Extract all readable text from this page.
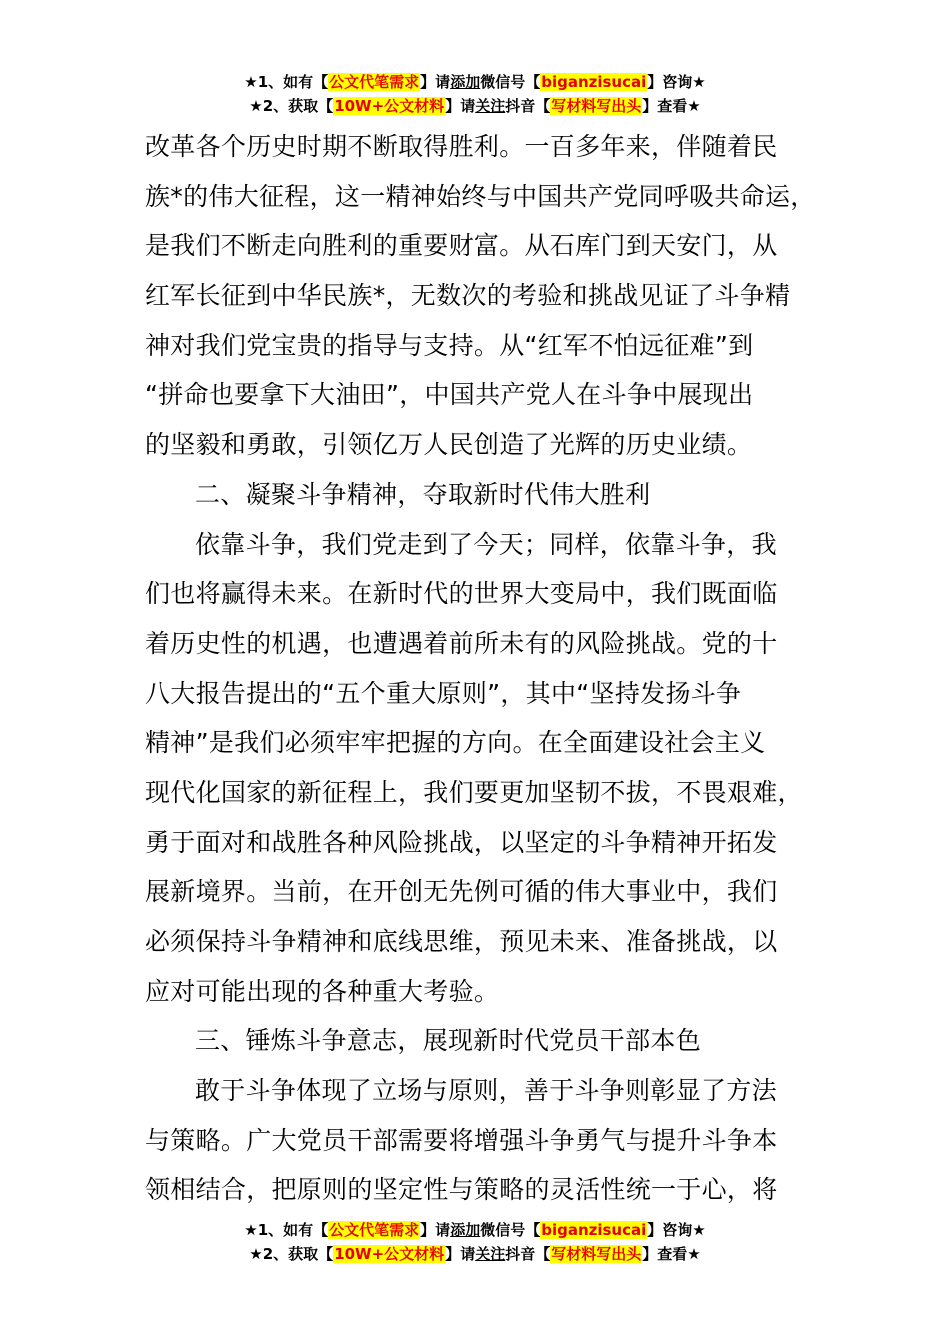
★1、如有【公文代笔需求】请添加微信号【biganzisucai】咨询★
★2、获取【10W+公文材料】请关注抖音【写材料写出头】查看★
改革各个历史时期不断取得胜利。一百多年来，伴随着民
族*的伟大征程，这一精神始终与中国共产党同呼吸共命运，
是我们不断走向胜利的重要财富。从石库门到天安门，从
红军长征到中华民族*，无数次的考验和挑战见证了斗争精
神对我们党宝贵的指导与支持。从“红军不怕远征难”到
“拼命也要拿下大油田”，中国共产党人在斗争中展现出
的坚毅和勇敢，引领亿万人民创造了光辉的历史业绩。
二、凝聚斗争精神，夺取新时代伟大胜利
依靠斗争，我们党走到了今天；同样，依靠斗争，我
们也将赢得未来。在新时代的世界大变局中，我们既面临
着历史性的机遇，也遭遇着前所未有的风险挑战。党的十
八大报告提出的“五个重大原则”，其中“坚持发扬斗争
精神”是我们必须牢牢把握的方向。在全面建设社会主义
现代化国家的新征程上，我们要更加坚韧不拔，不畏艰难，
勇于面对和战胜各种风险挑战，以坚定的斗争精神开拓发
展新境界。当前，在开创无先例可循的伟大事业中，我们
必须保持斗争精神和底线思维，预见未来、准备挑战，以
应对可能出现的各种重大考验。
三、锤炼斗争意志，展现新时代党员干部本色
敢于斗争体现了立场与原则，善于斗争则彰显了方法
与策略。广大党员干部需要将增强斗争勇气与提升斗争本
领相结合，把原则的坚定性与策略的灵活性统一于心，将
★1、如有【公文代笔需求】请添加微信号【biganzisucai】咨询★
★2、获取【10W+公文材料】请关注抖音【写材料写出头】查看★
